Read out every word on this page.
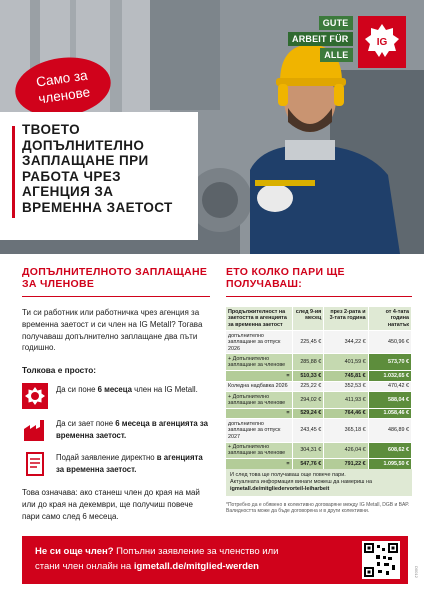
Само за членове
ТВОЕТО ДОПЪЛНИТЕЛНО ЗАПЛАЩАНЕ ПРИ РАБОТА ЧРЕЗ АГЕНЦИЯ ЗА ВРЕМЕННА ЗАЕТОСТ
GUTE
ARBEIT FÜR
ALLE
IG
ДОПЪЛНИТЕЛНОТО ЗАПЛАЩАНЕ ЗА ЧЛЕНОВЕ
Ти си работник или работничка чрез агенция за временна заетост и си член на IG Metall? Тогава получаваш допълнително заплащане два пъти годишно.
Толкова е просто:
Да си поне 6 месеца член на IG Metall.
Да си зает поне 6 месеца в агенцията за временна заетост.
Подай заявление директно в агенцията за временна заетост.
Това означава: ако станеш член до края на май или до края на декември, ще получиш повече пари само след 6 месеца.
ЕТО КОЛКО ПАРИ ЩЕ ПОЛУЧАВАШ:
Продължителност на заетостта в агенцията за временна заетост	след 9-ия месец	през 2-рата и 3-тата година	от 4-тата година нататък
допълнително заплащане за отпуск 2026	225,45 €	344,22 €	450,96 €
+ Допълнително заплащане за членове	285,88 €	401,59 €	573,70 €
=	510,33 €	745,81 €	1.032,65 €
Коледна надбавка 2026	225,22 €	352,53 €	470,42 €
+ Допълнително заплащане за членове	294,02 €	411,93 €	588,04 €
=	529,24 €	764,46 €	1.058,46 €
допълнително заплащане за отпуск 2027	243,45 €	365,18 €	486,89 €
+ Допълнително заплащане за членове	304,31 €	426,04 €	608,62 €
=	547,76 €	791,22 €	1.095,50 €
И след това ще получаваш още повече пари.
Актуалната информация винаги можеш да намериш на
igmetall.de/mitgliedervorteil-leiharbeit
*Потребно да е обявено в колективно договаряне между IG Metall, DGB и BAP. Валидността може да бъде договорена и в други колективни.
Не си още член? Попълни заявление за членство или
стани член онлайн на igmetall.de/mitglied-werden	D0012
